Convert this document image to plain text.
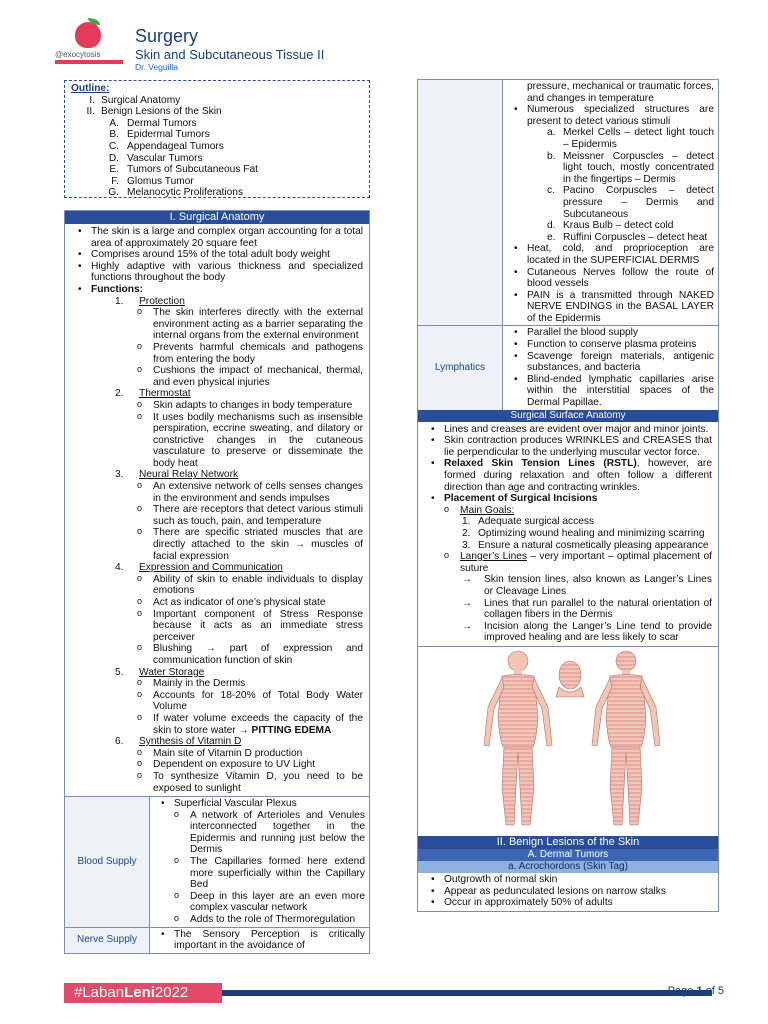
@exocytosis
Surgery
Skin and Subcutaneous Tissue II
Dr. Veguilla
Outline:
I. Surgical Anatomy
II. Benign Lesions of the Skin
A. Dermal Tumors
B. Epidermal Tumors
C. Appendageal Tumors
D. Vascular Tumors
E. Tumors of Subcutaneous Fat
F. Glomus Tumor
G. Melanocytic Proliferations
I. Surgical Anatomy
• The skin is a large and complex organ accounting for a total area of approximately 20 square feet
• Comprises around 15% of the total adult body weight
• Highly adaptive with various thickness and specialized functions throughout the body
• Functions:
1. Protection
o The skin interferes directly with the external environment acting as a barrier separating the internal organs from the external environment
o Prevents harmful chemicals and pathogens from entering the body
o Cushions the impact of mechanical, thermal, and even physical injuries
2. Thermostat
o Skin adapts to changes in body temperature
o It uses bodily mechanisms such as insensible perspiration, eccrine sweating, and dilatory or constrictive changes in the cutaneous vasculature to preserve or disseminate the body heat
3. Neural Relay Network
o An extensive network of cells senses changes in the environment and sends impulses
o There are receptors that detect various stimuli such as touch, pain, and temperature
o There are specific striated muscles that are directly attached to the skin → muscles of facial expression
4. Expression and Communication
o Ability of skin to enable individuals to display emotions
o Act as indicator of one’s physical state
o Important component of Stress Response because it acts as an immediate stress perceiver
o Blushing → part of expression and communication function of skin
5. Water Storage
o Mainly in the Dermis
o Accounts for 18-20% of Total Body Water Volume
o If water volume exceeds the capacity of the skin to store water → PITTING EDEMA
6. Synthesis of Vitamin D
o Main site of Vitamin D production
o Dependent on exposure to UV Light
o To synthesize Vitamin D, you need to be exposed to sunlight
Blood Supply
• Superficial Vascular Plexus
o A network of Arterioles and Venules interconnected together in the Epidermis and running just below the Dermis
o The Capillaries formed here extend more superficially within the Capillary Bed
o Deep in this layer are an even more complex vascular network
o Adds to the role of Thermoregulation
Nerve Supply
• The Sensory Perception is critically important in the avoidance of
pressure, mechanical or traumatic forces, and changes in temperature
• Numerous specialized structures are present to detect various stimuli
a. Merkel Cells – detect light touch – Epidermis
b. Meissner Corpuscles – detect light touch, mostly concentrated in the fingertips – Dermis
c. Pacino Corpuscles – detect pressure – Dermis and Subcutaneous
d. Kraus Bulb – detect cold
e. Ruffini Corpuscles – detect heat
• Heat, cold, and proprioception are located in the SUPERFICIAL DERMIS
• Cutaneous Nerves follow the route of blood vessels
• PAIN is a transmitted through NAKED NERVE ENDINGS in the BASAL LAYER of the Epidermis
Lymphatics
• Parallel the blood supply
• Function to conserve plasma proteins
• Scavenge foreign materials, antigenic substances, and bacteria
• Blind-ended lymphatic capillaries arise within the interstitial spaces of the Dermal Papillae.
Surgical Surface Anatomy
• Lines and creases are evident over major and minor joints.
• Skin contraction produces WRINKLES and CREASES that lie perpendicular to the underlying muscular vector force.
• Relaxed Skin Tension Lines (RSTL), however, are formed during relaxation and often follow a different direction than age and contracting wrinkles.
• Placement of Surgical Incisions
o Main Goals:
1. Adequate surgical access
2. Optimizing wound healing and minimizing scarring
3. Ensure a natural cosmetically pleasing appearance
o Langer’s Lines – very important – optimal placement of suture
→ Skin tension lines, also known as Langer’s Lines or Cleavage Lines
→ Lines that run parallel to the natural orientation of collagen fibers in the Dermis
→ Incision along the Langer’s Line tend to provide improved healing and are less likely to scar
II. Benign Lesions of the Skin
A. Dermal Tumors
a. Acrochordons (Skin Tag)
• Outgrowth of normal skin
• Appear as pedunculated lesions on narrow stalks
• Occur in approximately 50% of adults
#LabanLeni2022	Page 1 of 5
